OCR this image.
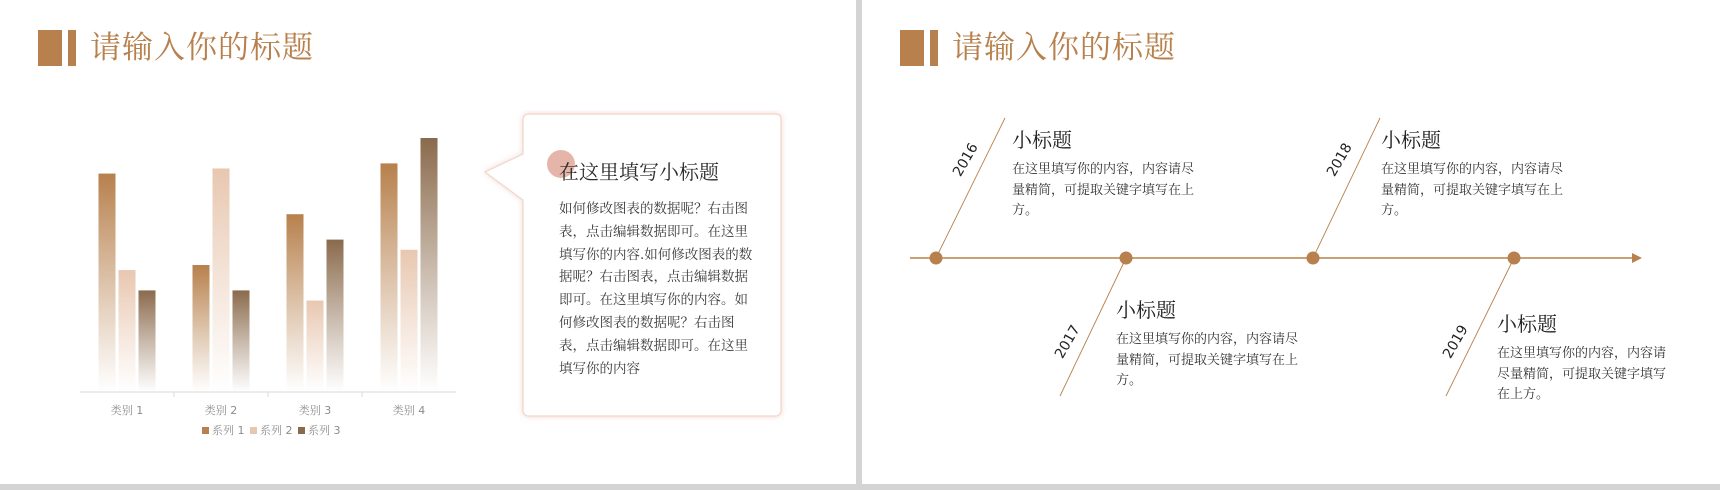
请输入你的标题
类别 1	类别 2	类别 3	类别 4
系列 1 系列 2 系列 3
在这里填写小标题
如何修改图表的数据呢？右击图表，点击编辑数据即可。在这里填写你的内容.如何修改图表的数据呢？右击图表，点击编辑数据即可。在这里填写你的内容。如何修改图表的数据呢？右击图表，点击编辑数据即可。在这里填写你的内容
请输入你的标题
2016
小标题
在这里填写你的内容，内容请尽量精简，可提取关键字填写在上方。
2017
小标题
在这里填写你的内容，内容请尽量精简，可提取关键字填写在上方。
2018
小标题
在这里填写你的内容，内容请尽量精简，可提取关键字填写在上方。
2019 小标题
在这里填写你的内容，内容请尽量精简，可提取关键字填写在上方。
